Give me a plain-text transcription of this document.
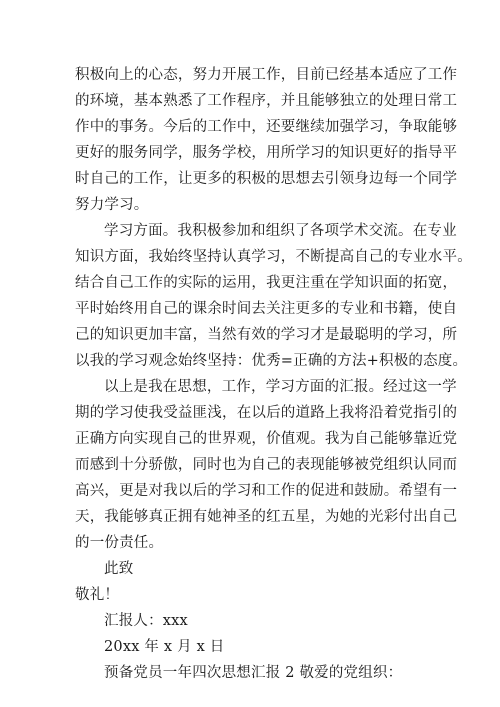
积极向上的心态，努力开展工作，目前已经基本适应了工作
的环境，基本熟悉了工作程序，并且能够独立的处理日常工
作中的事务。今后的工作中，还要继续加强学习，争取能够
更好的服务同学，服务学校，用所学习的知识更好的指导平
时自己的工作，让更多的积极的思想去引领身边每一个同学
努力学习。

学习方面。我积极参加和组织了各项学术交流。在专业
知识方面，我始终坚持认真学习，不断提高自己的专业水平。
结合自己工作的实际的运用，我更注重在学知识面的拓宽，
平时始终用自己的课余时间去关注更多的专业和书籍，使自
己的知识更加丰富，当然有效的学习才是最聪明的学习，所
以我的学习观念始终坚持：优秀=正确的方法+积极的态度。

以上是我在思想，工作，学习方面的汇报。经过这一学
期的学习使我受益匪浅，在以后的道路上我将沿着党指引的
正确方向实现自己的世界观，价值观。我为自己能够靠近党
而感到十分骄傲，同时也为自己的表现能够被党组织认同而
高兴，更是对我以后的学习和工作的促进和鼓励。希望有一
天，我能够真正拥有她神圣的红五星，为她的光彩付出自己
的一份责任。

此致
敬礼！
汇报人：xxx
20xx 年 x 月 x 日
预备党员一年四次思想汇报 2 敬爱的党组织：
